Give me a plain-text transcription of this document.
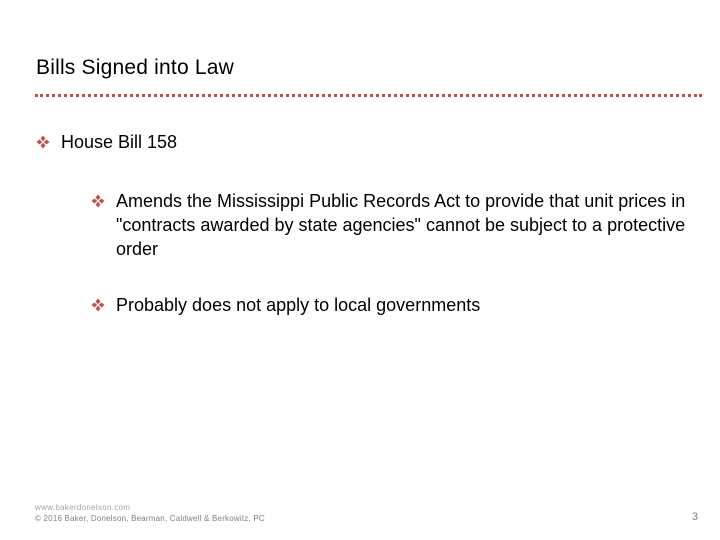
Bills Signed into Law
House Bill 158
Amends the Mississippi Public Records Act to provide that unit prices in "contracts awarded by state agencies" cannot be subject to a protective order
Probably does not apply to local governments
www.bakerdonelson.com
© 2016 Baker, Donelson, Bearman, Caldwell & Berkowitz, PC	3
